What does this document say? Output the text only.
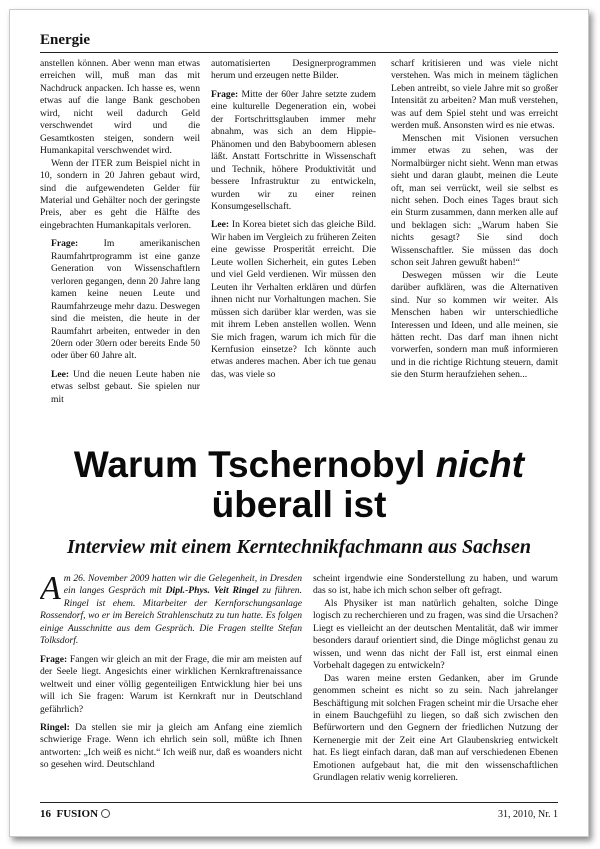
Energie

anstellen können. Aber wenn man etwas erreichen will, muß man das mit Nachdruck anpacken. Ich hasse es, wenn etwas auf die lange Bank geschoben wird, nicht weil dadurch Geld verschwendet wird und die Gesamtkosten steigen, sondern weil Humankapital verschwendet wird.

Wenn der ITER zum Beispiel nicht in 10, sondern in 20 Jahren gebaut wird, sind die aufgewendeten Gelder für Material und Gehälter noch der geringste Preis, aber es geht die Hälfte des eingebrachten Humankapitals verloren.

Frage: Im amerikanischen Raumfahrtprogramm ist eine ganze Generation von Wissenschaftlern verloren gegangen, denn 20 Jahre lang kamen keine neuen Leute und Raumfahrzeuge mehr dazu. Deswegen sind die meisten, die heute in der Raumfahrt arbeiten, entweder in den 20ern oder 30ern oder bereits Ende 50 oder über 60 Jahre alt.

Lee: Und die neuen Leute haben nie etwas selbst gebaut. Sie spielen nur mit

automatisierten Designerprogrammen herum und erzeugen nette Bilder.

Frage: Mitte der 60er Jahre setzte zudem eine kulturelle Degeneration ein, wobei der Fortschrittsglauben immer mehr abnahm, was sich an dem Hippie-Phänomen und den Babyboomern ablesen läßt. Anstatt Fortschritte in Wissenschaft und Technik, höhere Produktivität und bessere Infrastruktur zu entwickeln, wurden wir zu einer reinen Konsumgesellschaft.

Lee: In Korea bietet sich das gleiche Bild. Wir haben im Vergleich zu früheren Zeiten eine gewisse Prosperität erreicht. Die Leute wollen Sicherheit, ein gutes Leben und viel Geld verdienen. Wir müssen den Leuten ihr Verhalten erklären und dürfen ihnen nicht nur Vorhaltungen machen. Sie müssen sich darüber klar werden, was sie mit ihrem Leben anstellen wollen. Wenn Sie mich fragen, warum ich mich für die Kernfusion einsetze? Ich könnte auch etwas anderes machen. Aber ich tue genau das, was viele so

scharf kritisieren und was viele nicht verstehen. Was mich in meinem täglichen Leben antreibt, so viele Jahre mit so großer Intensität zu arbeiten? Man muß verstehen, was auf dem Spiel steht und was erreicht werden muß. Ansonsten wird es nie etwas.

Menschen mit Visionen versuchen immer etwas zu sehen, was der Normalbürger nicht sieht. Wenn man etwas sieht und daran glaubt, meinen die Leute oft, man sei verrückt, weil sie selbst es nicht sehen. Doch eines Tages braut sich ein Sturm zusammen, dann merken alle auf und beklagen sich: „Warum haben Sie nichts gesagt? Sie sind doch Wissenschaftler. Sie müssen das doch schon seit Jahren gewußt haben!“

Deswegen müssen wir die Leute darüber aufklären, was die Alternativen sind. Nur so kommen wir weiter. Als Menschen haben wir unterschiedliche Interessen und Ideen, und alle meinen, sie hätten recht. Das darf man ihnen nicht vorwerfen, sondern man muß informieren und in die richtige Richtung steuern, damit sie den Sturm heraufziehen sehen...

Warum Tschernobyl nicht
überall ist
Interview mit einem Kerntechnikfachmann aus Sachsen

Am 26. November 2009 hatten wir die Gelegenheit, in Dresden ein langes Gespräch mit Dipl.-Phys. Veit Ringel zu führen. Ringel ist ehem. Mitarbeiter der Kernforschungsanlage Rossendorf, wo er im Bereich Strahlenschutz zu tun hatte. Es folgen einige Ausschnitte aus dem Gespräch. Die Fragen stellte Stefan Tolksdorf.

Frage: Fangen wir gleich an mit der Frage, die mir am meisten auf der Seele liegt. Angesichts einer wirklichen Kernkraftrenaissance weltweit und einer völlig gegenteiligen Entwicklung hier bei uns will ich Sie fragen: Warum ist Kernkraft nur in Deutschland gefährlich?

Ringel: Da stellen sie mir ja gleich am Anfang eine ziemlich schwierige Frage. Wenn ich ehrlich sein soll, müßte ich Ihnen antworten: „Ich weiß es nicht.“ Ich weiß nur, daß es woanders nicht so gesehen wird. Deutschland

scheint irgendwie eine Sonderstellung zu haben, und warum das so ist, habe ich mich schon selber oft gefragt.

Als Physiker ist man natürlich gehalten, solche Dinge logisch zu recherchieren und zu fragen, was sind die Ursachen? Liegt es vielleicht an der deutschen Mentalität, daß wir immer besonders darauf orientiert sind, die Dinge möglichst genau zu wissen, und wenn das nicht der Fall ist, erst einmal einen Vorbehalt dagegen zu entwickeln?

Das waren meine ersten Gedanken, aber im Grunde genommen scheint es nicht so zu sein. Nach jahrelanger Beschäftigung mit solchen Fragen scheint mir die Ursache eher in einem Bauchgefühl zu liegen, so daß sich zwischen den Befürwortern und den Gegnern der friedlichen Nutzung der Kernenergie mit der Zeit eine Art Glaubenskrieg entwickelt hat. Es liegt einfach daran, daß man auf verschiedenen Ebenen Emotionen aufgebaut hat, die mit den wissenschaftlichen Grundlagen relativ wenig korrelieren.

16 FUSION	31, 2010, Nr. 1
